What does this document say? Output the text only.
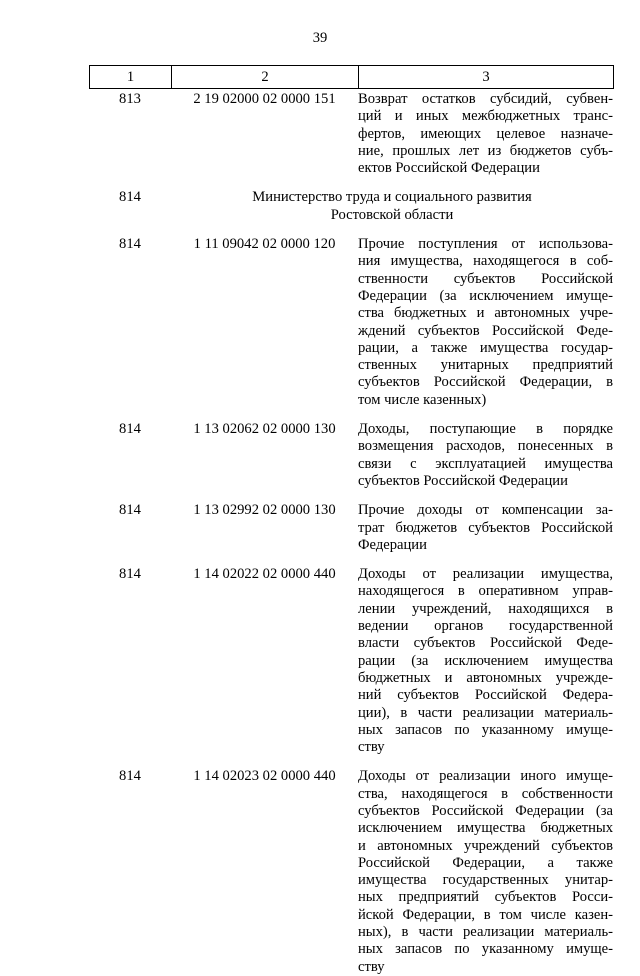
39
1	2	3
813	2 19 02000 02 0000 151	Возврат остатков субсидий, субвен-
ций и иных межбюджетных транс-
фертов, имеющих целевое назначе-
ние, прошлых лет из бюджетов субъ-
ектов Российской Федерации
814	Министерство труда и социального развития
Ростовской области
814	1 11 09042 02 0000 120	Прочие поступления от использова-
ния имущества, находящегося в соб-
ственности субъектов Российской
Федерации (за исключением имуще-
ства бюджетных и автономных учре-
ждений субъектов Российской Феде-
рации, а также имущества государ-
ственных унитарных предприятий
субъектов Российской Федерации, в
том числе казенных)
814	1 13 02062 02 0000 130	Доходы, поступающие в порядке
возмещения расходов, понесенных в
связи с эксплуатацией имущества
субъектов Российской Федерации
814	1 13 02992 02 0000 130	Прочие доходы от компенсации за-
трат бюджетов субъектов Российской
Федерации
814	1 14 02022 02 0000 440	Доходы от реализации имущества,
находящегося в оперативном управ-
лении учреждений, находящихся в
ведении органов государственной
власти субъектов Российской Феде-
рации (за исключением имущества
бюджетных и автономных учрежде-
ний субъектов Российской Федера-
ции), в части реализации материаль-
ных запасов по указанному имуще-
ству
814	1 14 02023 02 0000 440	Доходы от реализации иного имуще-
ства, находящегося в собственности
субъектов Российской Федерации (за
исключением имущества бюджетных
и автономных учреждений субъектов
Российской Федерации, а также
имущества государственных унитар-
ных предприятий субъектов Росси-
йской Федерации, в том числе казен-
ных), в части реализации материаль-
ных запасов по указанному имуще-
ству
